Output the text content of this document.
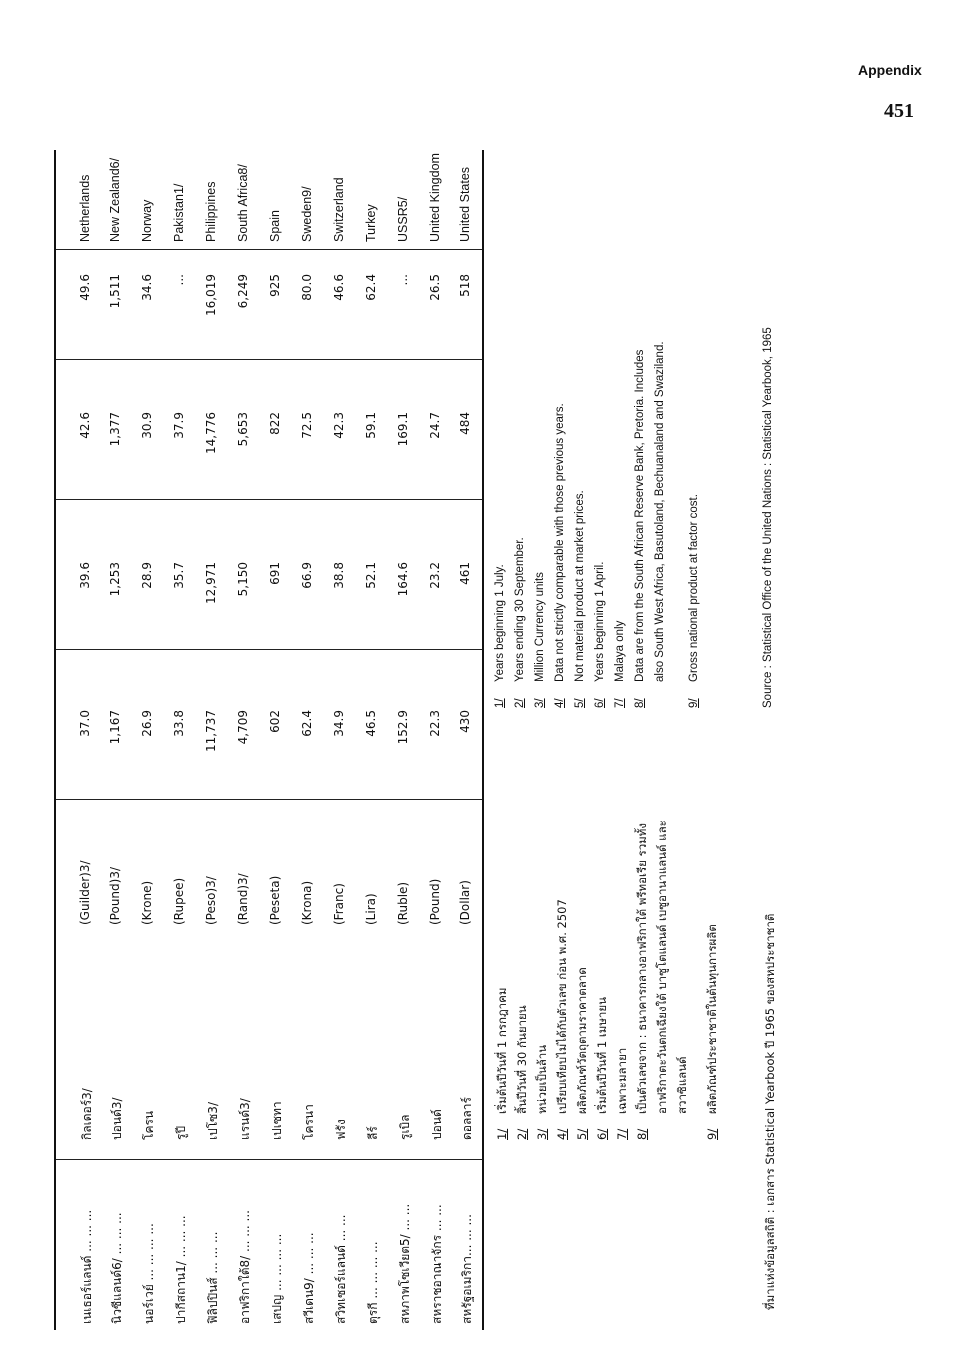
Appendix
451
เนเธอร์แลนด์ ... ... ...
กิลเดอร์3/
(Guilder)3/
37.0
39.6
42.6
49.6
Netherlands
นิวซีแลนด์6/ ... ... ...
ปอนด์3/
(Pound)3/
1,167
1,253
1,377
1,511
New Zealand6/
นอร์เวย์ ... ... ... ...
โครน
(Krone)
26.9
28.9
30.9
34.6
Norway
ปากีสถาน1/ ... ... ...
รูปี
(Rupee)
33.8
35.7
37.9
...
Pakistan1/
ฟิลิปปินส์ ... ... ...
เปโซ3/
(Peso)3/
11,737
12,971
14,776
16,019
Philippines
อาฟริกาใต้8/ ... ... ...
แรนด์3/
(Rand)3/
4,709
5,150
5,653
6,249
South Africa8/
เสปญ ... ... ... ...
เปเซทา
(Peseta)
602
691
822
925
Spain
สวีเดน9/ ... ... ...
โครนา
(Krona)
62.4
66.9
72.5
80.0
Sweden9/
สวิทเซอร์แลนด์ ... ...
ฟรัง
(Franc)
34.9
38.8
42.3
46.6
Switzerland
ตุรกี ... ... ... ...
ลีร์
(Lira)
46.5
52.1
59.1
62.4
Turkey
สหภาพโซเวียต5/ ... ...
รูเบิล
(Ruble)
152.9
164.6
169.1
...
USSR5/
สหราชอาณาจักร ... ...
ปอนด์
(Pound)
22.3
23.2
24.7
26.5
United Kingdom
สหรัฐอเมริกา... ... ...
ดอลลาร์
(Dollar)
430
461
484
518
United States
1/เริ่มต้นปีวันที่ 1 กรกฎาคม
2/สิ้นปีวันที่ 30 กันยายน
3/หน่วยเป็นล้าน
4/เปรียบเทียบไม่ได้กับตัวเลข ก่อน พ.ศ. 2507
5/ผลิตภัณฑ์วัตถุตามราคาตลาด
6/เริ่มต้นปีวันที่ 1 เมษายน
7/เฉพาะมลายา
8/เป็นตัวเลขจาก : ธนาคารกลางอาฟริกาใต้ พรีทอเรีย รวมทั้ง อาฟริกาตะวันตกเฉียงใต้ บาซูโตแลนด์ เบซูอานาแลนด์ และ สวาซิแลนด์
9/ผลิตภัณฑ์ประชาชาติในต้นทุนการผลิต	ที่มาแห่งข้อมูลสถิติ : เอกสาร Statistical Yearbook ปี 1965 ของสหประชาชาติ
1/Years beginning 1 July.
2/Years ending 30 September.
3/Million Currency units
4/Data not strictly comparable with those previous years.
5/Not material product at market prices.
6/Years beginning 1 April.
7/Malaya only
8/Data are from the South African Reserve Bank, Pretoria. Includes also South West Africa, Basutoland, Bechuanaland and Swaziland.
9/Gross national product at factor cost.	Source : Statistical Office of the United Nations : Statistical Yearbook, 1965
